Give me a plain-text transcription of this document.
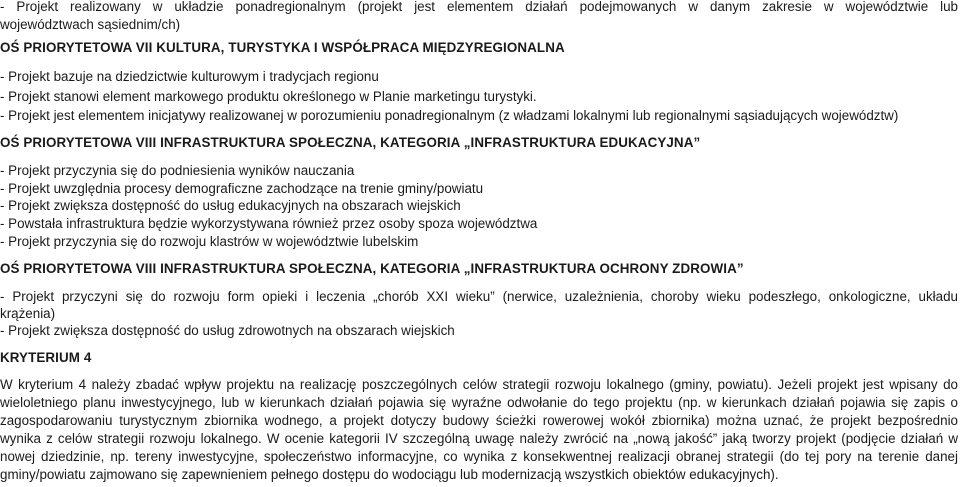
- Projekt realizowany w układzie ponadregionalnym (projekt jest elementem działań podejmowanych w danym zakresie w województwie lub
województwach sąsiednim/ch)
OŚ PRIORYTETOWA VII KULTURA, TURYSTYKA I WSPÓŁPRACA MIĘDZYREGIONALNA
- Projekt bazuje na dziedzictwie kulturowym i tradycjach regionu
- Projekt stanowi element markowego produktu określonego w Planie marketingu turystyki.
- Projekt jest elementem inicjatywy realizowanej w porozumieniu ponadregionalnym (z władzami lokalnymi lub regionalnymi sąsiadujących województw)
OŚ PRIORYTETOWA VIII INFRASTRUKTURA SPOŁECZNA, KATEGORIA „INFRASTRUKTURA EDUKACYJNA”
- Projekt przyczynia się do podniesienia wyników nauczania
- Projekt uwzględnia procesy demograficzne zachodzące na trenie gminy/powiatu
- Projekt zwiększa dostępność do usług edukacyjnych na obszarach wiejskich
- Powstała infrastruktura będzie wykorzystywana również przez osoby spoza województwa
- Projekt przyczynia się do rozwoju klastrów w województwie lubelskim
OŚ PRIORYTETOWA VIII INFRASTRUKTURA SPOŁECZNA, KATEGORIA „INFRASTRUKTURA OCHRONY ZDROWIA”
- Projekt przyczyni się do rozwoju form opieki i leczenia „chorób XXI wieku” (nerwice, uzależnienia, choroby wieku podeszłego, onkologiczne, układu
krążenia)
- Projekt zwiększa dostępność do usług zdrowotnych na obszarach wiejskich
KRYTERIUM 4
W kryterium 4 należy zbadać wpływ projektu na realizację poszczególnych celów strategii rozwoju lokalnego (gminy, powiatu). Jeżeli projekt jest wpisany do
wieloletniego planu inwestycyjnego, lub w kierunkach działań pojawia się wyraźne odwołanie do tego projektu (np. w kierunkach działań pojawia się zapis o
zagospodarowaniu turystycznym zbiornika wodnego, a projekt dotyczy budowy ścieżki rowerowej wokół zbiornika) można uznać, że projekt bezpośrednio
wynika z celów strategii rozwoju lokalnego. W ocenie kategorii IV szczególną uwagę należy zwrócić na „nową jakość” jaką tworzy projekt (podjęcie działań w
nowej dziedzinie, np. tereny inwestycyjne, społeczeństwo informacyjne, co wynika z konsekwentnej realizacji obranej strategii (do tej pory na terenie danej
gminy/powiatu zajmowano się zapewnieniem pełnego dostępu do wodociągu lub modernizacją wszystkich obiektów edukacyjnych).
